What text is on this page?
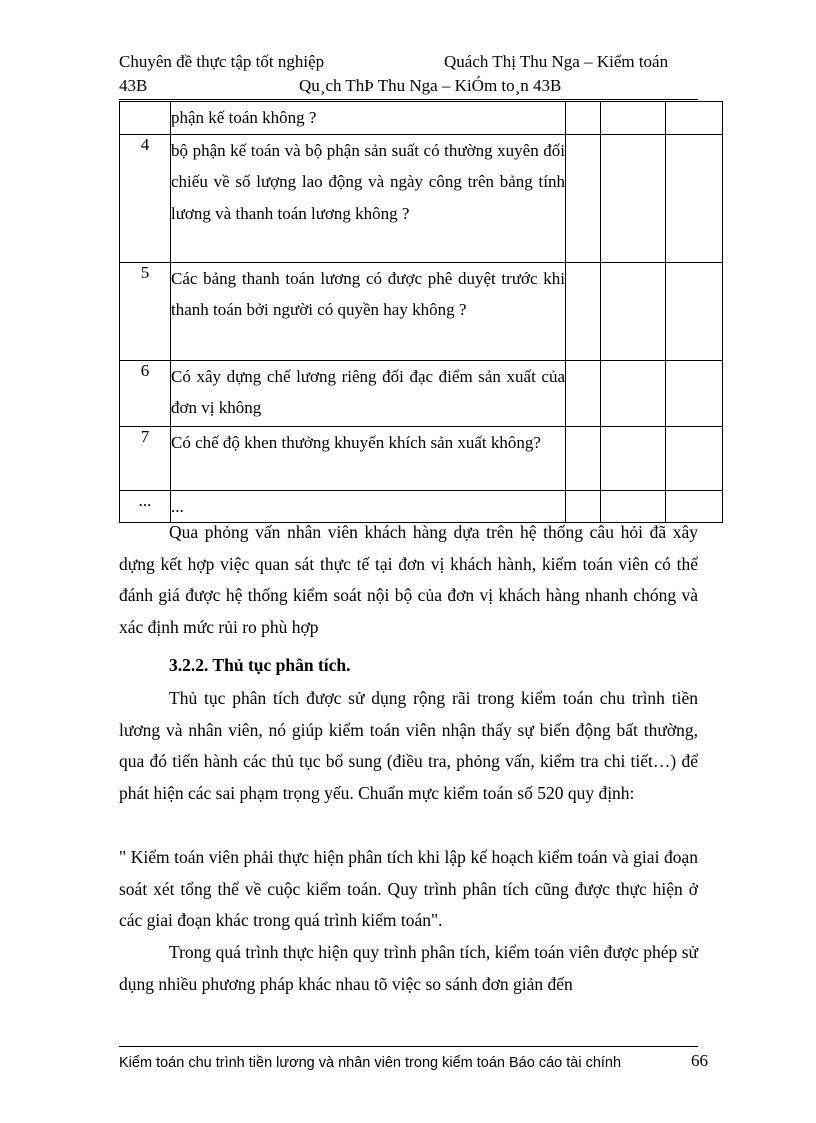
Chuyên đề thực tập tốt nghiệp	Quách Thị Thu Nga – Kiểm toán
43B	Qu¸ch ThÞ Thu Nga – KiÓm to¸n 43B
	phận kế toán không ?			
4	bộ phận kế toán và bộ phận sản suất có thường xuyên đối chiếu về số lượng lao động và ngày công trên bảng tính lương và thanh toán lương không ?			
5	Các bảng thanh toán lương có được phê duyệt trước khi thanh toán bởi người có quyền hay không ?			
6	Có xây dựng chế lương riêng đối đạc điểm sản xuất của đơn vị không			
7	Có chế độ khen thưởng khuyến khích sản xuất không?			
...	...			

Qua phỏng vấn nhân viên khách hàng dựa trên hệ thống câu hỏi đã xây dựng kết hợp việc quan sát thực tế tại đơn vị khách hành, kiểm toán viên có thể đánh giá được hệ thống kiểm soát nội bộ của đơn vị khách hàng nhanh chóng và xác định mức rủi ro phù hợp

3.2.2. Thủ tục phân tích.

Thủ tục phân tích được sử dụng rộng rãi trong kiểm toán chu trình tiền lương và nhân viên, nó giúp kiểm toán viên nhận thấy sự biến động bất thường, qua đó tiến hành các thủ tục bổ sung (điều tra, phỏng vấn, kiểm tra chi tiết…) để phát hiện các sai phạm trọng yếu. Chuẩn mực kiểm toán số 520 quy định:

" Kiểm toán viên phải thực hiện phân tích khi lập kế hoạch kiểm toán và giai đoạn soát xét tổng thể về cuộc kiểm toán. Quy trình phân tích cũng được thực hiện ở các giai đoạn khác trong quá trình kiểm toán".

Trong quá trình thực hiện quy trình phân tích, kiểm toán viên được phép sử dụng nhiều phương pháp khác nhau tõ việc so sánh đơn giản đến

Kiểm toán chu trình tiền lương và nhân viên trong kiểm toán Báo cáo tài chính	66
